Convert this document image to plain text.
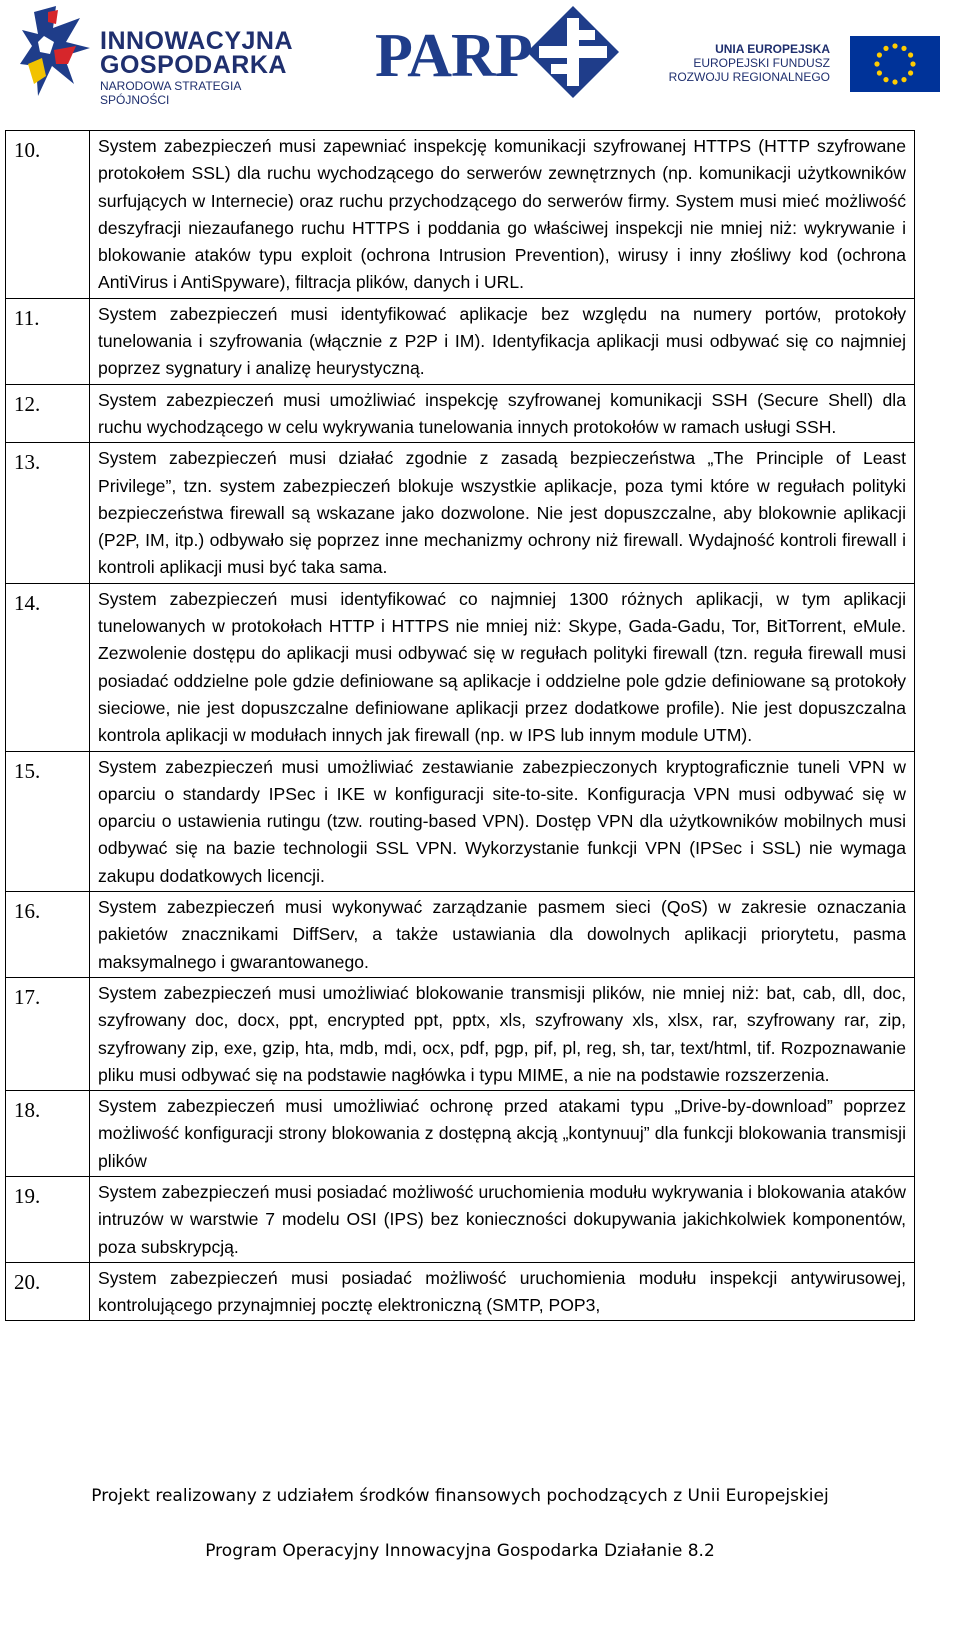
INNOWACYJNA
GOSPODARKA
NARODOWA STRATEGIA SPÓJNOŚCI
PARP	UNIA EUROPEJSKA
EUROPEJSKI FUNDUSZ
ROZWOJU REGIONALNEGO
10.	System zabezpieczeń musi zapewniać inspekcję komunikacji szyfrowanej HTTPS (HTTP szyfrowane protokołem SSL) dla ruchu wychodzącego do serwerów zewnętrznych (np. komunikacji użytkowników surfujących w Internecie) oraz ruchu przychodzącego do serwerów firmy. System musi mieć możliwość deszyfracji niezaufanego ruchu HTTPS i poddania go właściwej inspekcji nie mniej niż: wykrywanie i blokowanie ataków typu exploit (ochrona Intrusion Prevention), wirusy i inny złośliwy kod (ochrona AntiVirus i AntiSpyware), filtracja plików, danych i URL.
11.	System zabezpieczeń musi identyfikować aplikacje bez względu na numery portów, protokoły tunelowania i szyfrowania (włącznie z P2P i IM). Identyfikacja aplikacji musi odbywać się co najmniej poprzez sygnatury i analizę heurystyczną.
12.	System zabezpieczeń musi umożliwiać inspekcję szyfrowanej komunikacji SSH (Secure Shell) dla ruchu wychodzącego w celu wykrywania tunelowania innych protokołów w ramach usługi SSH.
13.	System zabezpieczeń musi działać zgodnie z zasadą bezpieczeństwa „The Principle of Least Privilege”, tzn. system zabezpieczeń blokuje wszystkie aplikacje, poza tymi które w regułach polityki bezpieczeństwa firewall są wskazane jako dozwolone. Nie jest dopuszczalne, aby blokownie aplikacji (P2P, IM, itp.) odbywało się poprzez inne mechanizmy ochrony niż firewall. Wydajność kontroli firewall i kontroli aplikacji musi być taka sama.
14.	System zabezpieczeń musi identyfikować co najmniej 1300 różnych aplikacji, w tym aplikacji tunelowanych w protokołach HTTP i HTTPS nie mniej niż: Skype, Gada-Gadu, Tor, BitTorrent, eMule. Zezwolenie dostępu do aplikacji musi odbywać się w regułach polityki firewall (tzn. reguła firewall musi posiadać oddzielne pole gdzie definiowane są aplikacje i oddzielne pole gdzie definiowane są protokoły sieciowe, nie jest dopuszczalne definiowane aplikacji przez dodatkowe profile). Nie jest dopuszczalna kontrola aplikacji w modułach innych jak firewall (np. w IPS lub innym module UTM).
15.	System zabezpieczeń musi umożliwiać zestawianie zabezpieczonych kryptograficznie tuneli VPN w oparciu o standardy IPSec i IKE w konfiguracji site-to-site. Konfiguracja VPN musi odbywać się w oparciu o ustawienia rutingu (tzw. routing-based VPN). Dostęp VPN dla użytkowników mobilnych musi odbywać się na bazie technologii SSL VPN. Wykorzystanie funkcji VPN (IPSec i SSL) nie wymaga zakupu dodatkowych licencji.
16.	System zabezpieczeń musi wykonywać zarządzanie pasmem sieci (QoS) w zakresie oznaczania pakietów znacznikami DiffServ, a także ustawiania dla dowolnych aplikacji priorytetu, pasma maksymalnego i gwarantowanego.
17.	System zabezpieczeń musi umożliwiać blokowanie transmisji plików, nie mniej niż: bat, cab, dll, doc, szyfrowany doc, docx, ppt, encrypted ppt, pptx, xls, szyfrowany xls, xlsx, rar, szyfrowany rar, zip, szyfrowany zip, exe, gzip, hta, mdb, mdi, ocx, pdf, pgp, pif, pl, reg, sh, tar, text/html, tif. Rozpoznawanie pliku musi odbywać się na podstawie nagłówka i typu MIME, a nie na podstawie rozszerzenia.
18.	System zabezpieczeń musi umożliwiać ochronę przed atakami typu „Drive-by-download” poprzez możliwość konfiguracji strony blokowania z dostępną akcją „kontynuuj” dla funkcji blokowania transmisji plików
19.	System zabezpieczeń musi posiadać możliwość uruchomienia modułu wykrywania i blokowania ataków intruzów w warstwie 7 modelu OSI (IPS) bez konieczności dokupywania jakichkolwiek komponentów, poza subskrypcją.
20.	System zabezpieczeń musi posiadać możliwość uruchomienia modułu inspekcji antywirusowej, kontrolującego przynajmniej pocztę elektroniczną (SMTP, POP3,
Projekt realizowany z udziałem środków finansowych pochodzących z Unii Europejskiej
Program Operacyjny Innowacyjna Gospodarka Działanie 8.2
